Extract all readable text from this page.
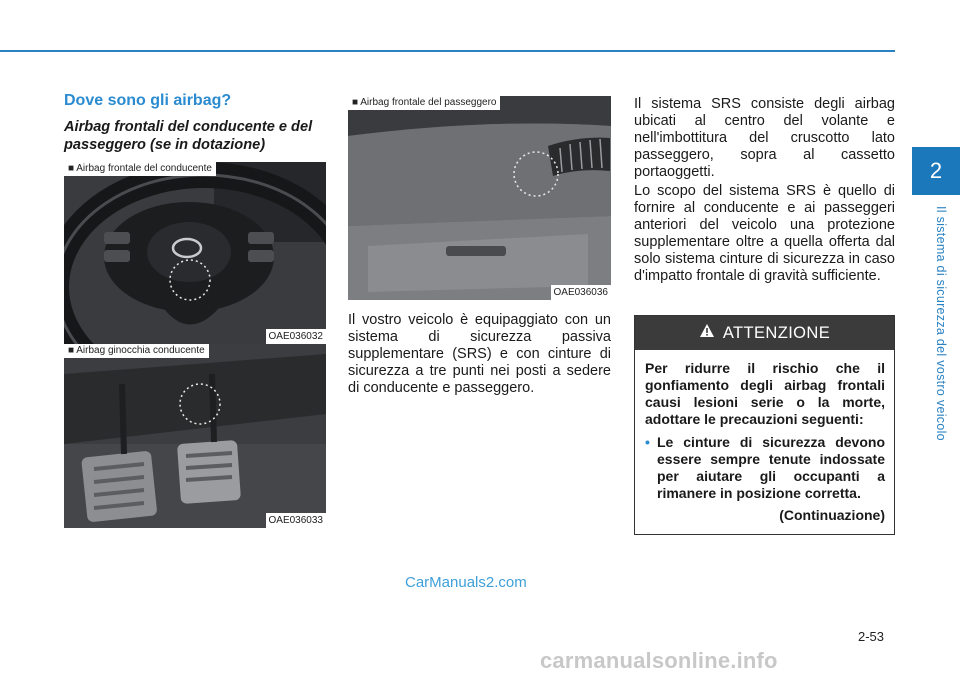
2
Il sistema di sicurezza del vostro veicolo
Dove sono gli airbag?

Airbag frontali del conducente e del passeggero (se in dotazione)

■ Airbag frontale del conducente
OAE036032
■ Airbag ginocchia conducente
OAE036033
■ Airbag frontale del passeggero
OAE036036

Il vostro veicolo è equipaggiato con un sistema di sicurezza passiva supplementare (SRS) e con cinture di sicurezza a tre punti nei posti a sedere di conducente e passeggero.

Il sistema SRS consiste degli airbag ubicati al centro del volante e nell'imbottitura del cruscotto lato passeggero, sopra al cassetto portaoggetti.

Lo scopo del sistema SRS è quello di fornire al conducente e ai passeggeri anteriori del veicolo una protezione supplementare oltre a quella offerta dal solo sistema cinture di sicurezza in caso d'impatto frontale di gravità sufficiente.

ATTENZIONE

Per ridurre il rischio che il gonfiamento degli airbag frontali causi lesioni serie o la morte, adottare le precauzioni seguenti:

• Le cinture di sicurezza devono essere sempre tenute indossate per aiutare gli occupanti a rimanere in posizione corretta.
(Continuazione)
CarManuals2.com
2-53
carmanualsonline.info
